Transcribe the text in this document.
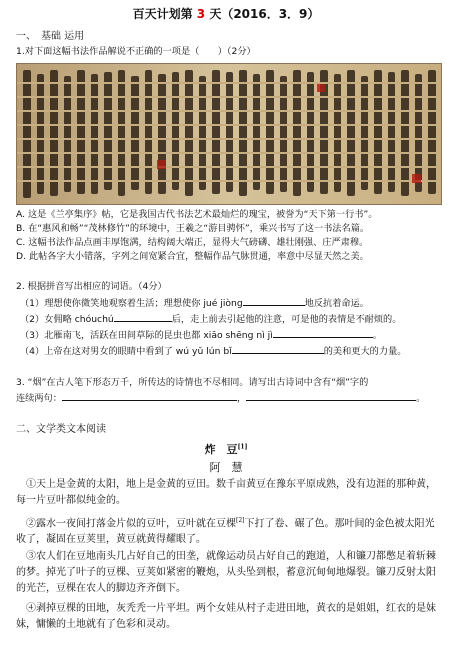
百天计划第 3 天（2016．3．9）
一、　基础 运用
1.对下面这幅书法作品解说不正确的一项是（　　）（2分）
A. 这是《兰亭集序》帖，它是我国古代书法艺术最灿烂的瑰宝，被誉为“天下第一行书”。
B. 在“惠风和畅”“茂林修竹”的环境中，王羲之“游目骋怀”，乘兴书写了这一书法名篇。
C. 这幅书法作品点画丰厚饱满，结构阔大端正，显得大气磅礴、雄壮刚强、庄严肃穆。
D. 此帖各字大小错落，字列之间宽紧合宜，整幅作品气脉贯通，率意中尽显天然之美。
2. 根据拼音写出相应的词语。（4分）
（1）理想使你微笑地观察着生活；理想使你 jué jiòng	地反抗着命运。
（2）女佣略 chóuchú	后，走上前去引起他的注意，可是他的表情是不耐烦的。
（3）北雁南飞，活跃在田间草际的昆虫也都 xiāo shēng nì jì	。
（4）上帝在这对男女的眼睛中看到了 wú yǔ lún bǐ	的美和更大的力量。
3. “烟”在古人笔下形态万千，所传达的诗情也不尽相同。请写出古诗词中含有“烟”字的
连续两句：	，	。
二、文学类文本阅读
炸　豆[1]
阿　慧
①天上是金黄的太阳，地上是金黄的豆田。数千亩黄豆在豫东平原成熟，没有边涯的那种黄，每一片豆叶都似纯金的。
②露水一夜间打落金片似的豆叶，豆叶就在豆棵[2]下打了卷、碾了色。那叶间的金色被太阳光收了，凝固在豆荚里，黄豆就黄得耀眼了。
③农人们在豆地南头几占好自己的田垄，就像运动员占好自己的跑道，人和镰刀都憋足着斩棘的梦。掉光了叶子的豆棵、豆荚如紧密的鞭炮，从头坠到根，蓄意沉甸甸地爆裂。镰刀反射太阳的光芒，豆棵在农人的脚边齐齐倒下。
④剥掉豆棵的田地，灰秃秃一片平坦。两个女娃从村子走进田地，黄衣的是姐姐，红衣的是妹妹，慵懒的土地就有了色彩和灵动。
